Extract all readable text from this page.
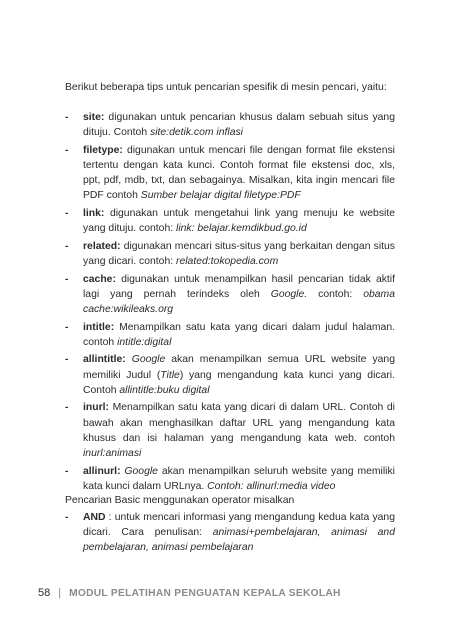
Berikut beberapa tips untuk pencarian spesifik di mesin pencari, yaitu:

- site: digunakan untuk pencarian khusus dalam sebuah situs yang dituju. Contoh site:detik.com inflasi
- filetype: digunakan untuk mencari file dengan format file ekstensi tertentu dengan kata kunci. Contoh format file ekstensi doc, xls, ppt, pdf, mdb, txt, dan sebagainya. Misalkan, kita ingin mencari file PDF contoh Sumber belajar digital filetype:PDF
- link: digunakan untuk mengetahui link yang menuju ke website yang dituju. contoh: link: belajar.kemdikbud.go.id
- related: digunakan mencari situs-situs yang berkaitan dengan situs yang dicari. contoh: related:tokopedia.com
- cache: digunakan untuk menampilkan hasil pencarian tidak aktif lagi yang pernah terindeks oleh Google. contoh: obama cache:wikileaks.org
- intitle: Menampilkan satu kata yang dicari dalam judul halaman. contoh intitle:digital
- allintitle: Google akan menampilkan semua URL website yang memiliki Judul (Title) yang mengandung kata kunci yang dicari. Contoh allintitle:buku digital
- inurl: Menampilkan satu kata yang dicari di dalam URL. Contoh di bawah akan menghasilkan daftar URL yang mengandung kata khusus dan isi halaman yang mengandung kata web. contoh inurl:animasi
- allinurl: Google akan menampilkan seluruh website yang memiliki kata kunci dalam URLnya. Contoh: allinurl:media video

Pencarian Basic menggunakan operator misalkan

- AND : untuk mencari informasi yang mengandung kedua kata yang dicari. Cara penulisan: animasi+pembelajaran, animasi and pembelajaran, animasi pembelajaran
58 | MODUL PELATIHAN PENGUATAN KEPALA SEKOLAH
